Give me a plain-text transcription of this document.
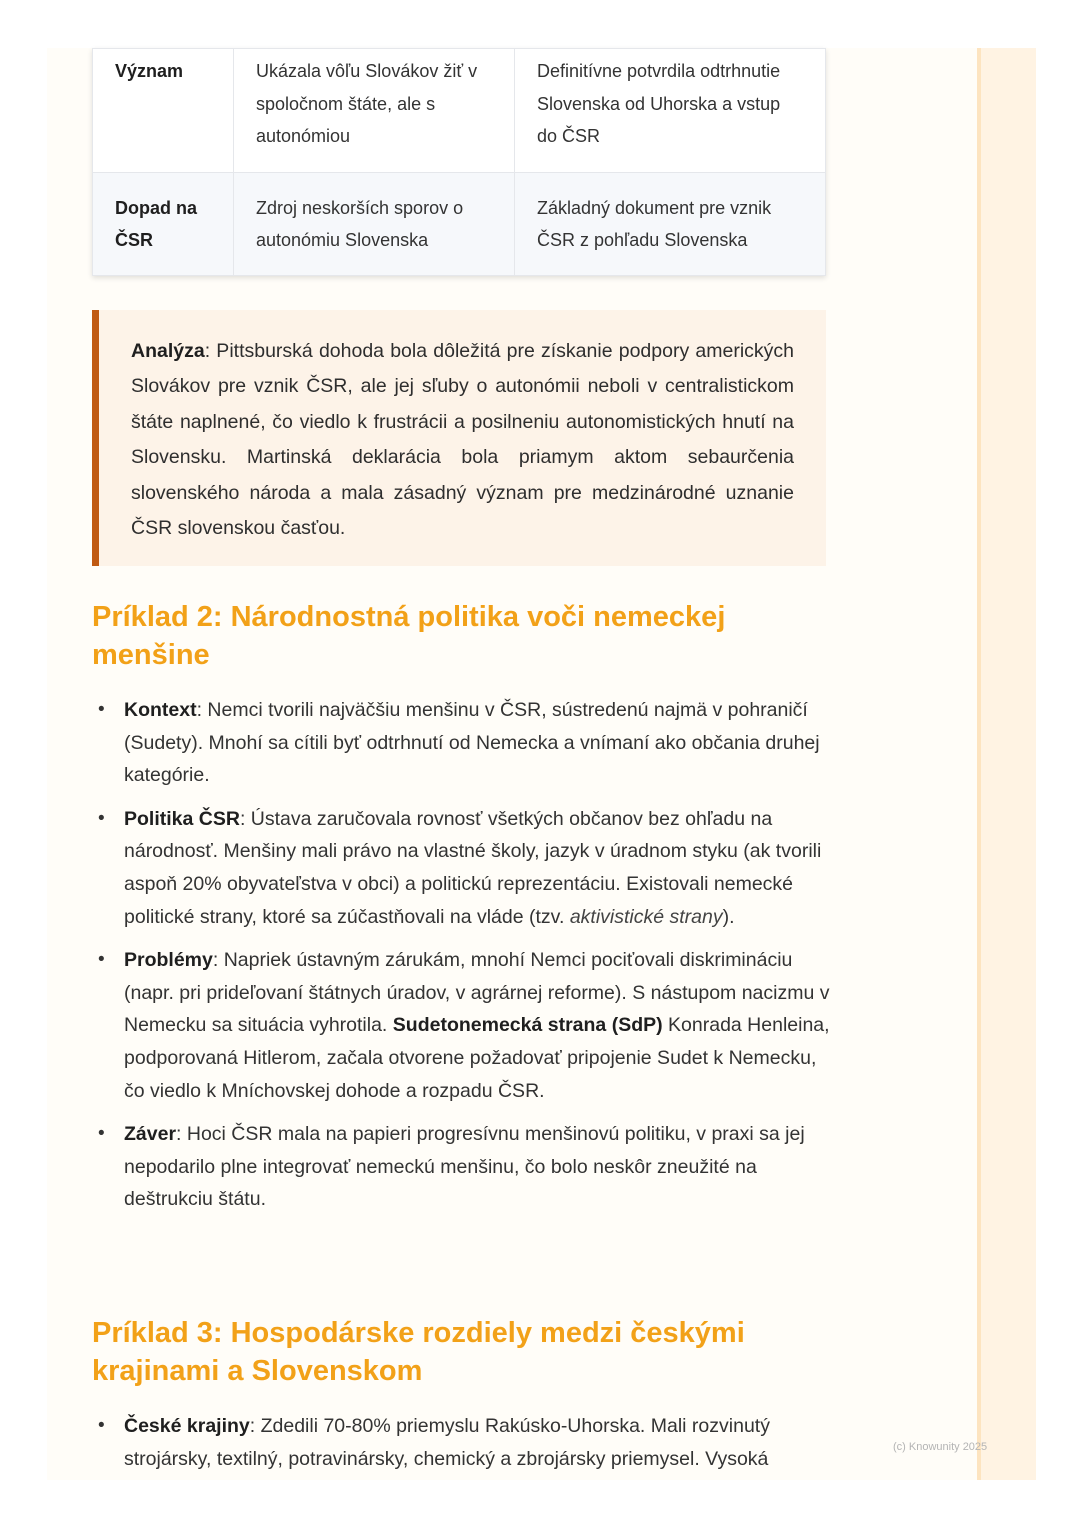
Význam	Ukázala vôľu Slovákov žiť v spoločnom štáte, ale s autonómiou	Definitívne potvrdila odtrhnutie Slovenska od Uhorska a vstup do ČSR
Dopad na ČSR	Zdroj neskorších sporov o autonómiu Slovenska	Základný dokument pre vznik ČSR z pohľadu Slovenska
Analýza: Pittsburská dohoda bola dôležitá pre získanie podpory amerických Slovákov pre vznik ČSR, ale jej sľuby o autonómii neboli v centralistickom štáte naplnené, čo viedlo k frustrácii a posilneniu autonomistických hnutí na Slovensku. Martinská deklarácia bola priamym aktom sebaurčenia slovenského národa a mala zásadný význam pre medzinárodné uznanie ČSR slovenskou časťou.
Príklad 2: Národnostná politika voči nemeckej menšine
• Kontext: Nemci tvorili najväčšiu menšinu v ČSR, sústredenú najmä v pohraničí (Sudety). Mnohí sa cítili byť odtrhnutí od Nemecka a vnímaní ako občania druhej kategórie.
• Politika ČSR: Ústava zaručovala rovnosť všetkých občanov bez ohľadu na národnosť. Menšiny mali právo na vlastné školy, jazyk v úradnom styku (ak tvorili aspoň 20% obyvateľstva v obci) a politickú reprezentáciu. Existovali nemecké politické strany, ktoré sa zúčastňovali na vláde (tzv. aktivistické strany).
• Problémy: Napriek ústavným zárukám, mnohí Nemci pociťovali diskrimináciu (napr. pri prideľovaní štátnych úradov, v agrárnej reforme). S nástupom nacizmu v Nemecku sa situácia vyhrotila. Sudetonemecká strana (SdP) Konrada Henleina, podporovaná Hitlerom, začala otvorene požadovať pripojenie Sudet k Nemecku, čo viedlo k Mníchovskej dohode a rozpadu ČSR.
• Záver: Hoci ČSR mala na papieri progresívnu menšinovú politiku, v praxi sa jej nepodarilo plne integrovať nemeckú menšinu, čo bolo neskôr zneužité na deštrukciu štátu.
Príklad 3: Hospodárske rozdiely medzi českými krajinami a Slovenskom
• České krajiny: Zdedili 70-80% priemyslu Rakúsko-Uhorska. Mali rozvinutý strojársky, textilný, potravinársky, chemický a zbrojársky priemysel. Vysoká
(c) Knowunity 2025
